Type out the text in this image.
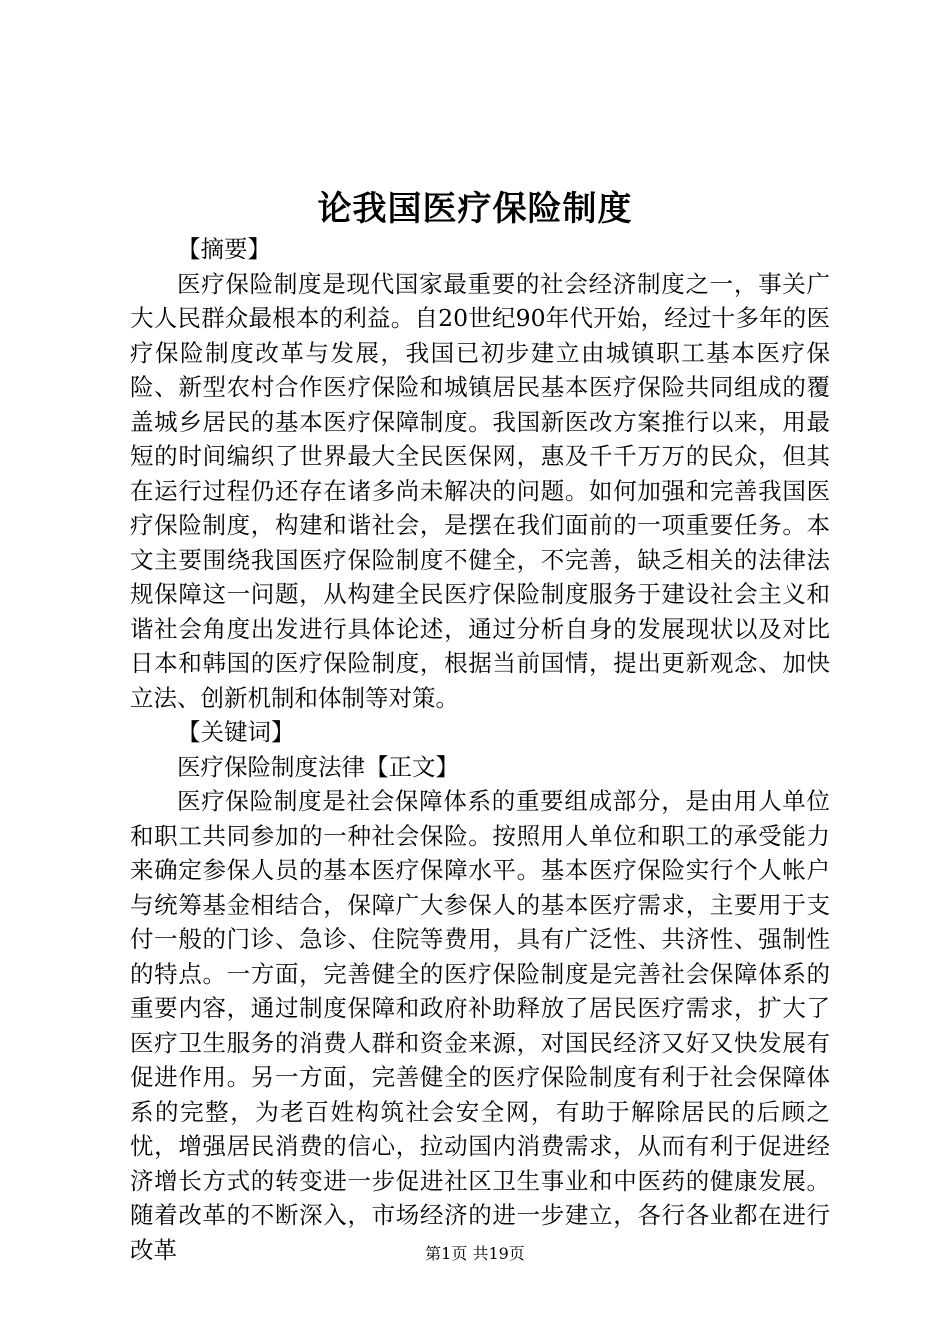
论我国医疗保险制度

【摘要】

医疗保险制度是现代国家最重要的社会经济制度之一，事关广大人民群众最根本的利益。自20世纪90年代开始，经过十多年的医疗保险制度改革与发展，我国已初步建立由城镇职工基本医疗保险、新型农村合作医疗保险和城镇居民基本医疗保险共同组成的覆盖城乡居民的基本医疗保障制度。我国新医改方案推行以来，用最短的时间编织了世界最大全民医保网，惠及千千万万的民众，但其在运行过程仍还存在诸多尚未解决的问题。如何加强和完善我国医疗保险制度，构建和谐社会，是摆在我们面前的一项重要任务。本文主要围绕我国医疗保险制度不健全，不完善，缺乏相关的法律法规保障这一问题，从构建全民医疗保险制度服务于建设社会主义和谐社会角度出发进行具体论述，通过分析自身的发展现状以及对比日本和韩国的医疗保险制度，根据当前国情，提出更新观念、加快立法、创新机制和体制等对策。

【关键词】

医疗保险制度法律【正文】

医疗保险制度是社会保障体系的重要组成部分，是由用人单位和职工共同参加的一种社会保险。按照用人单位和职工的承受能力来确定参保人员的基本医疗保障水平。基本医疗保险实行个人帐户与统筹基金相结合，保障广大参保人的基本医疗需求，主要用于支付一般的门诊、急诊、住院等费用，具有广泛性、共济性、强制性的特点。一方面，完善健全的医疗保险制度是完善社会保障体系的重要内容，通过制度保障和政府补助释放了居民医疗需求，扩大了医疗卫生服务的消费人群和资金来源，对国民经济又好又快发展有促进作用。另一方面，完善健全的医疗保险制度有利于社会保障体系的完整，为老百姓构筑社会安全网，有助于解除居民的后顾之忧，增强居民消费的信心，拉动国内消费需求，从而有利于促进经济增长方式的转变进一步促进社区卫生事业和中医药的健康发展。随着改革的不断深入，市场经济的进一步建立，各行各业都在进行改革	第1页 共19页
